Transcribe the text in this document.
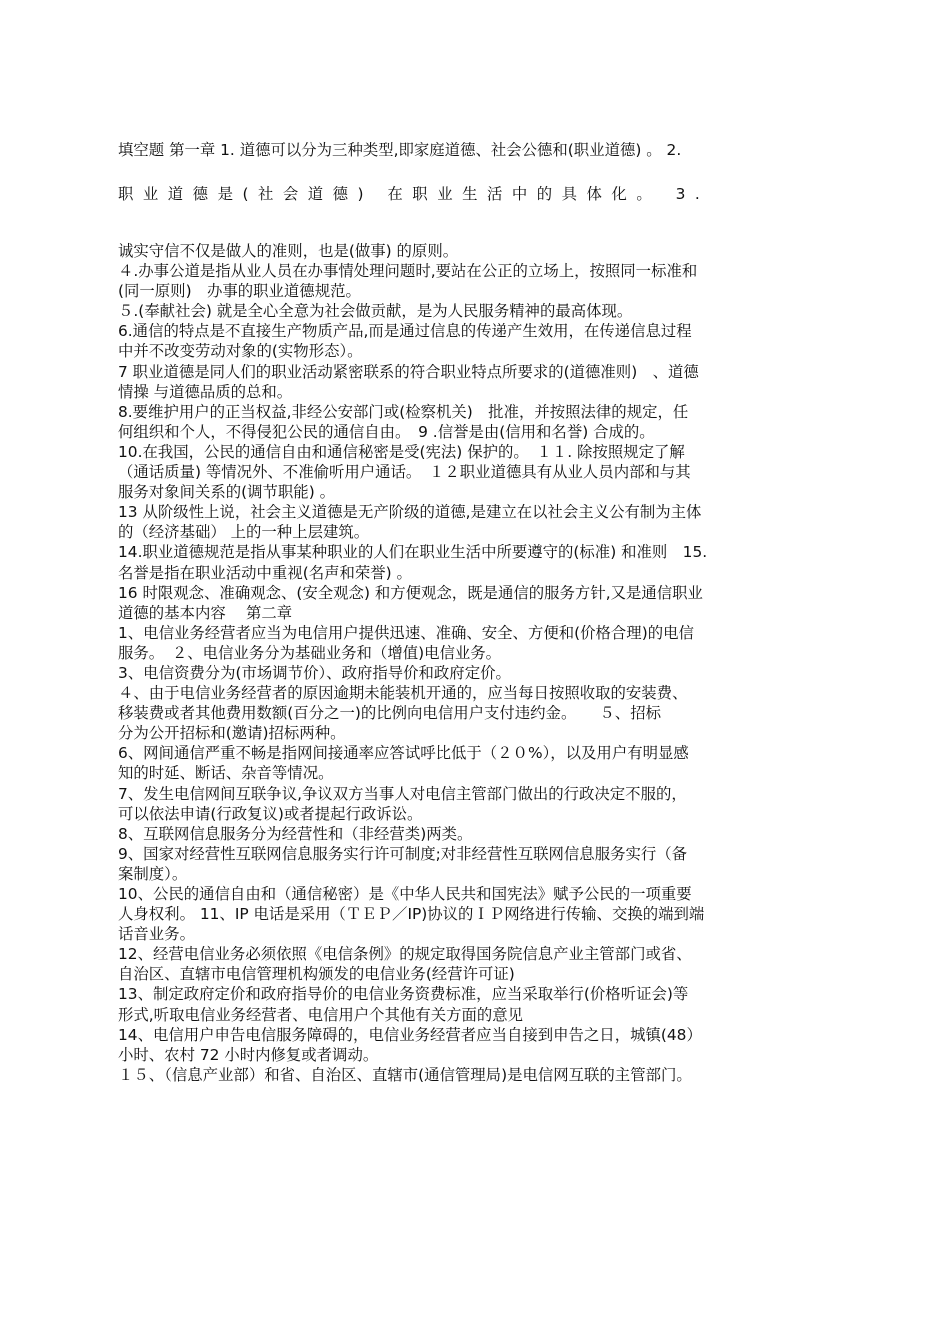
填空题 第一章 1. 道德可以分为三种类型,即家庭道德、社会公德和(职业道德) 。 2.
职业道德是(社会道德) 在职业生活中的具体化。 3.
诚实守信不仅是做人的准则，也是(做事) 的原则。
４.办事公道是指从业人员在办事情处理问题时,要站在公正的立场上，按照同一标准和
(同一原则)　办事的职业道德规范。
５.(奉献社会) 就是全心全意为社会做贡献，是为人民服务精神的最高体现。
6.通信的特点是不直接生产物质产品,而是通过信息的传递产生效用，在传递信息过程
中并不改变劳动对象的(实物形态）。
7 职业道德是同人们的职业活动紧密联系的符合职业特点所要求的(道德准则)　、道德
情操 与道德品质的总和。
8.要维护用户的正当权益,非经公安部门或(检察机关)　批准，并按照法律的规定，任
何组织和个人，不得侵犯公民的通信自由。　9 .信誉是由(信用和名誉) 合成的。
10.在我国，公民的通信自由和通信秘密是受(宪法) 保护的。　１１. 除按照规定了解
（通话质量) 等情况外、不准偷听用户通话。　１２职业道德具有从业人员内部和与其
服务对象间关系的(调节职能) 。
13 从阶级性上说，社会主义道德是无产阶级的道德,是建立在以社会主义公有制为主体
的（经济基础） 上的一种上层建筑。
14.职业道德规范是指从事某种职业的人们在职业生活中所要遵守的(标准) 和准则　15.
名誉是指在职业活动中重视(名声和荣誉) 。
16 时限观念、准确观念、(安全观念) 和方便观念，既是通信的服务方针,又是通信职业
道德的基本内容　 第二章
1、电信业务经营者应当为电信用户提供迅速、准确、安全、方便和(价格合理)的电信
服务。　２、电信业务分为基础业务和（增值)电信业务。
3、电信资费分为(市场调节价）、政府指导价和政府定价。
４、由于电信业务经营者的原因逾期未能装机开通的，应当每日按照收取的安装费、
移装费或者其他费用数额(百分之一)的比例向电信用户支付违约金。　　５、招标
分为公开招标和(邀请)招标两种。
6、网间通信严重不畅是指网间接通率应答试呼比低于（２０%），以及用户有明显感
知的时延、断话、杂音等情况。
7、发生电信网间互联争议,争议双方当事人对电信主管部门做出的行政决定不服的，
可以依法申请(行政复议)或者提起行政诉讼。
8、互联网信息服务分为经营性和（非经营类)两类。
9、国家对经营性互联网信息服务实行许可制度;对非经营性互联网信息服务实行（备
案制度）。
10、公民的通信自由和（通信秘密）是《中华人民共和国宪法》赋予公民的一项重要
人身权利。 11、IP 电话是采用（ＴＥＰ／IP)协议的ＩＰ网络进行传输、交换的端到端
话音业务。
12、经营电信业务必须依照《电信条例》的规定取得国务院信息产业主管部门或省、
自治区、直辖市电信管理机构颁发的电信业务(经营许可证)
13、制定政府定价和政府指导价的电信业务资费标准，应当采取举行(价格听证会)等
形式,听取电信业务经营者、电信用户个其他有关方面的意见
14、电信用户申告电信服务障碍的，电信业务经营者应当自接到申告之日，城镇(48）
小时、农村 72 小时内修复或者调动。
１５、（信息产业部）和省、自治区、直辖市(通信管理局)是电信网互联的主管部门。
